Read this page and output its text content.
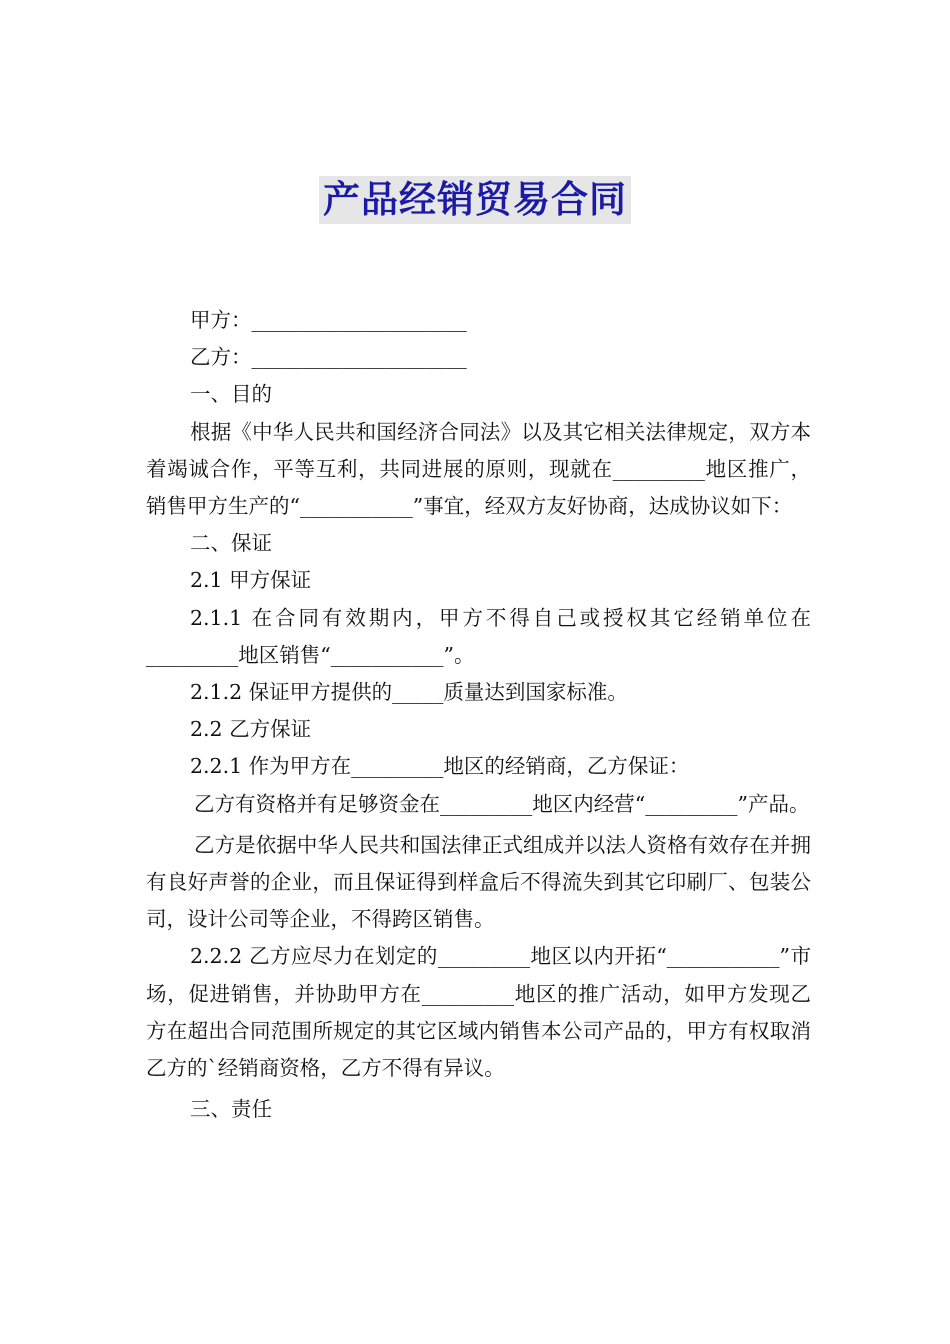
产品经销贸易合同

甲方：_____________________

乙方：_____________________

一、目的

根据《中华人民共和国经济合同法》以及其它相关法律规定，双方本着竭诚合作，平等互利，共同进展的原则，现就在_________地区推广，销售甲方生产的“___________”事宜，经双方友好协商，达成协议如下：

二、保证

2.1 甲方保证

2.1.1 在合同有效期内，甲方不得自己或授权其它经销单位在_________地区销售“___________”。

2.1.2 保证甲方提供的_____质量达到国家标准。

2.2 乙方保证

2.2.1 作为甲方在_________地区的经销商，乙方保证：

乙方有资格并有足够资金在_________地区内经营“_________”产品。

乙方是依据中华人民共和国法律正式组成并以法人资格有效存在并拥有良好声誉的企业，而且保证得到样盒后不得流失到其它印刷厂、包装公司，设计公司等企业，不得跨区销售。

2.2.2 乙方应尽力在划定的_________地区以内开拓“___________”市场，促进销售，并协助甲方在_________地区的推广活动，如甲方发现乙方在超出合同范围所规定的其它区域内销售本公司产品的，甲方有权取消乙方的`经销商资格，乙方不得有异议。

三、责任
